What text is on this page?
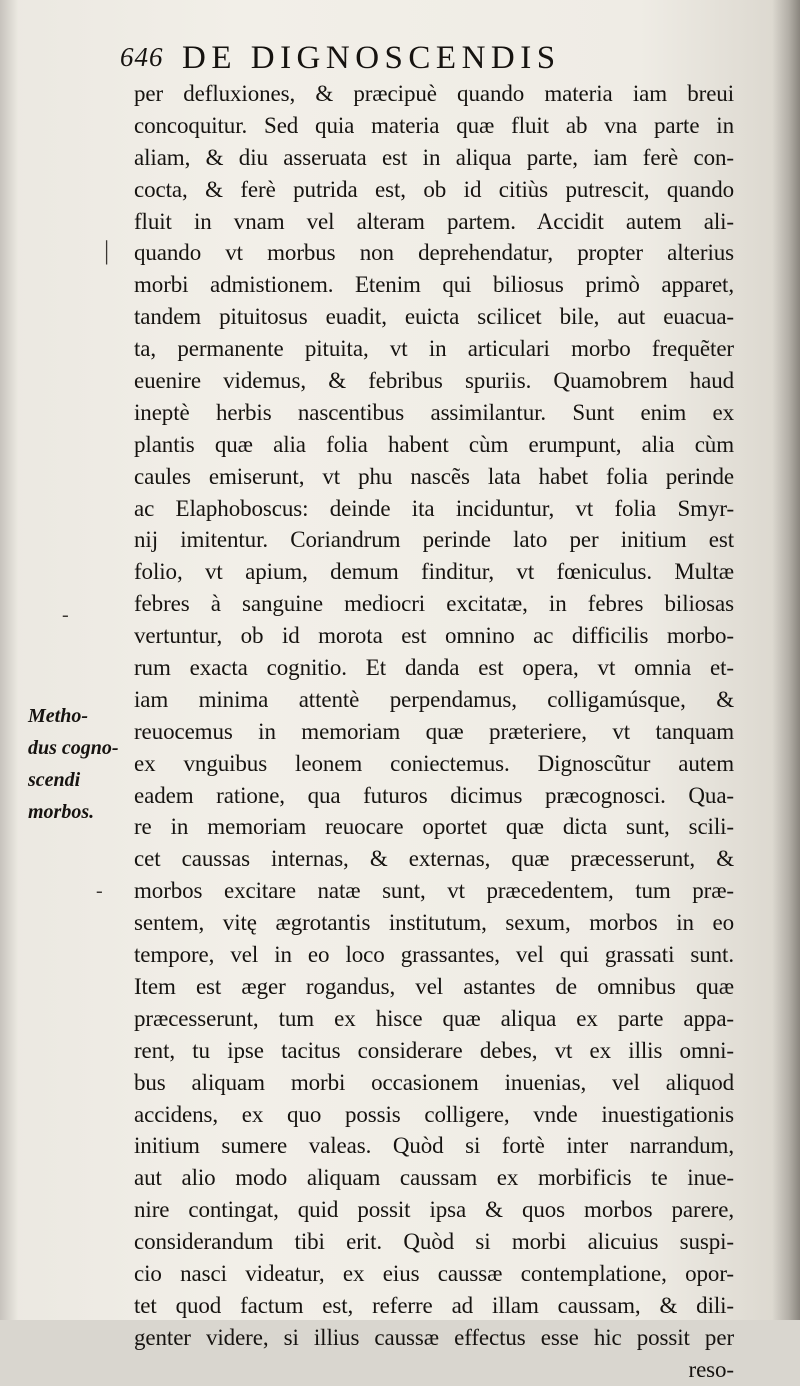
646 DE DIGNOSCENDIS
Metho-
dus cogno-
scendi
morbos.
-
-
|
per defluxiones, & præcipuè quando materia iam breui
concoquitur. Sed quia materia quæ fluit ab vna parte in
aliam, & diu asseruata est in aliqua parte, iam ferè con-
cocta, & ferè putrida est, ob id citiùs putrescit, quando
fluit in vnam vel alteram partem. Accidit autem ali-
quando vt morbus non deprehendatur, propter alterius
morbi admistionem. Etenim qui biliosus primò apparet,
tandem pituitosus euadit, euicta scilicet bile, aut euacua-
ta, permanente pituita, vt in articulari morbo frequẽter
euenire videmus, & febribus spuriis. Quamobrem haud
ineptè herbis nascentibus assimilantur. Sunt enim ex
plantis quæ alia folia habent cùm erumpunt, alia cùm
caules emiserunt, vt phu nascẽs lata habet folia perinde
ac Elaphoboscus: deinde ita inciduntur, vt folia Smyr-
nij imitentur. Coriandrum perinde lato per initium est
folio, vt apium, demum finditur, vt fœniculus. Multæ
febres à sanguine mediocri excitatæ, in febres biliosas
vertuntur, ob id morota est omnino ac difficilis morbo-
rum exacta cognitio. Et danda est opera, vt omnia et-
iam minima attentè perpendamus, colligamúsque, &
reuocemus in memoriam quæ præteriere, vt tanquam
ex vnguibus leonem coniectemus. Dignoscũtur autem
eadem ratione, qua futuros dicimus præcognosci. Qua-
re in memoriam reuocare oportet quæ dicta sunt, scili-
cet caussas internas, & externas, quæ præcesserunt, &
morbos excitare natæ sunt, vt præcedentem, tum præ-
sentem, vitę ægrotantis institutum, sexum, morbos in eo
tempore, vel in eo loco grassantes, vel qui grassati sunt.
Item est æger rogandus, vel astantes de omnibus quæ
præcesserunt, tum ex hisce quæ aliqua ex parte appa-
rent, tu ipse tacitus considerare debes, vt ex illis omni-
bus aliquam morbi occasionem inuenias, vel aliquod
accidens, ex quo possis colligere, vnde inuestigationis
initium sumere valeas. Quòd si fortè inter narrandum,
aut alio modo aliquam caussam ex morbificis te inue-
nire contingat, quid possit ipsa & quos morbos parere,
considerandum tibi erit. Quòd si morbi alicuius suspi-
cio nasci videatur, ex eius caussæ contemplatione, opor-
tet quod factum est, referre ad illam caussam, & dili-
genter videre, si illius caussæ effectus esse hic possit per
reso-
